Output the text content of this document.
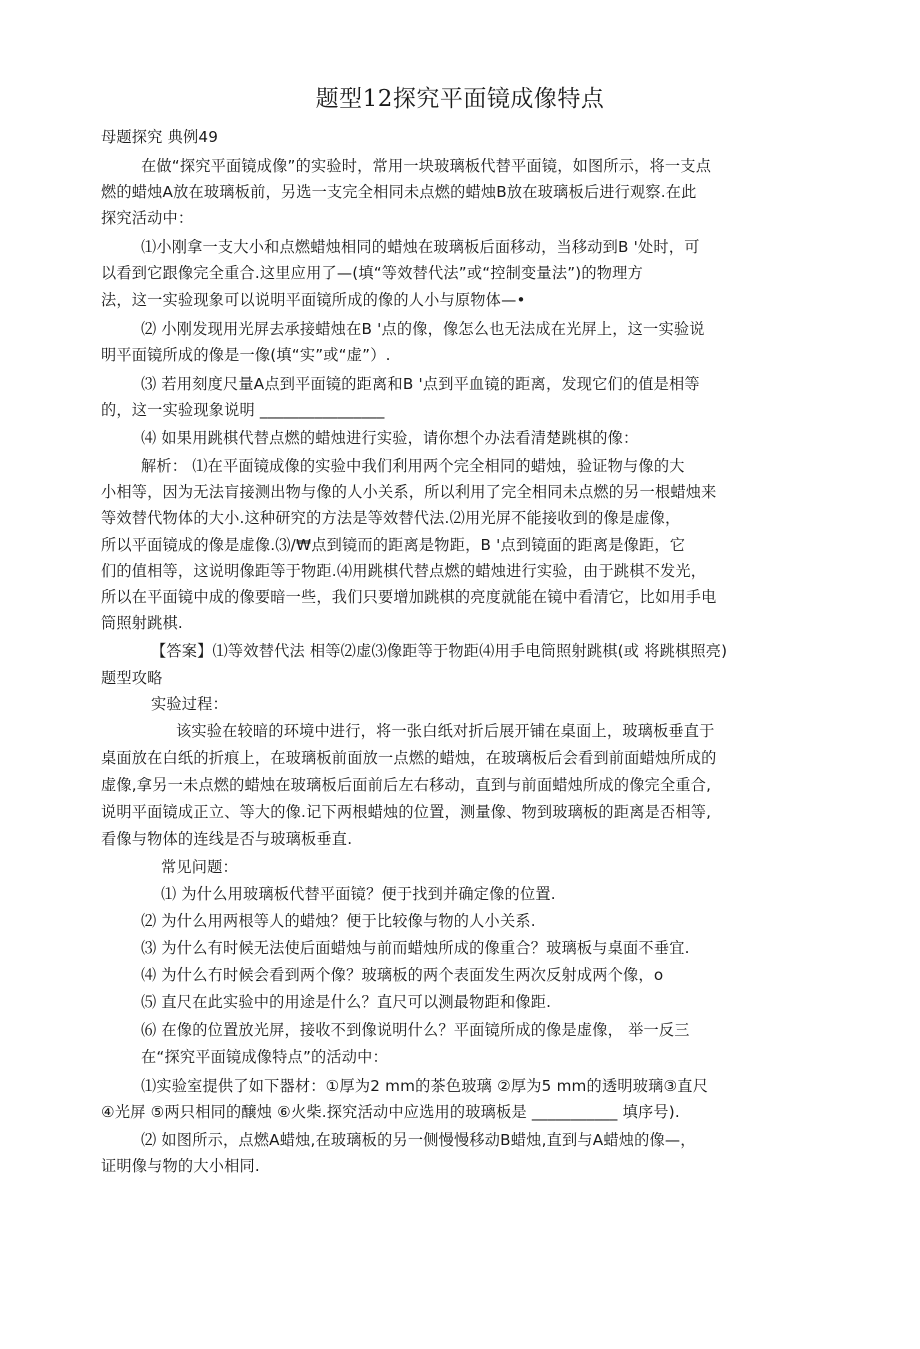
题型12探究平面镜成像特点
母题探究 典例49
在做“探究平面镜成像”的实验时，常用一块玻璃板代替平面镜，如图所示，将一支点
燃的蜡烛A放在玻璃板前，另选一支完全相同未点燃的蜡烛B放在玻璃板后进行观察.在此
探究活动中：
⑴小刚拿一支大小和点燃蜡烛相同的蜡烛在玻璃板后面移动，当移动到B '处时，可
以看到它跟像完全重合.这里应用了—(填“等效替代法”或“控制变量法”)的物理方
法，这一实验现象可以说明平面镜所成的像的人小与原物体—•
⑵ 小刚发现用光屏去承接蜡烛在B '点的像，像怎么也无法成在光屏上，这一实验说
明平面镜所成的像是一像(填“实”或“虚”）.
⑶ 若用刻度尺量A点到平面镜的距离和B '点到平血镜的距离，发现它们的值是相等
的，这一实验现象说明 ________________
⑷ 如果用跳棋代替点燃的蜡烛进行实验，请你想个办法看清楚跳棋的像：
解析： ⑴在平面镜成像的实验中我们利用两个完全相同的蜡烛，验证物与像的大
小相等，因为无法肓接测出物与像的人小关系，所以利用了完全相同未点燃的另一根蜡烛来
等效替代物体的大小.这种研究的方法是等效替代法.⑵用光屏不能接收到的像是虚像，
所以平面镜成的像是虚像.⑶/₩点到镜而的距离是物距，B '点到镜面的距离是像距，它
们的值相等，这说明像距等于物距.⑷用跳棋代替点燃的蜡烛进行实验，由于跳棋不发光，
所以在平面镜中成的像要暗一些，我们只要增加跳棋的亮度就能在镜中看清它，比如用手电
筒照射跳棋.
【答案】⑴等效替代法 相等⑵虚⑶像距等于物距⑷用手电筒照射跳棋(或 将跳棋照亮)
题型攻略
实验过程：
该实验在较暗的环境中进行，将一张白纸对折后展开铺在桌面上，玻璃板垂直于
桌面放在白纸的折痕上，在玻璃板前面放一点燃的蜡烛，在玻璃板后会看到前面蜡烛所成的
虚像,拿另一未点燃的蜡烛在玻璃板后面前后左右移动，直到与前面蜡烛所成的像完全重合,
说明平面镜成正立、等大的像.记下两根蜡烛的位置，测量像、物到玻璃板的距离是否相等,
看像与物体的连线是否与玻璃板垂直.
常见问题：
⑴ 为什么用玻璃板代替平面镜？便于找到并确定像的位置.
⑵ 为什么用两根等人的蜡烛？便于比较像与物的人小关系.
⑶ 为什么有时候无法使后面蜡烛与前而蜡烛所成的像重合？玻璃板与桌面不垂宜.
⑷ 为什么冇时候会看到两个像？玻璃板的两个表面发生两次反射成两个像，o
⑸ 直尺在此实验中的用途是什么？直尺可以测最物距和像距.
⑹ 在像的位置放光屏，接收不到像说明什么？平面镜所成的像是虚像， 举一反三
在“探究平面镜成像特点”的活动中：
⑴实验室提供了如下器材：①厚为2 mm的茶色玻璃 ②厚为5 mm的透明玻璃③直尺
④光屏 ⑤两只相同的醸烛 ⑥火柴.探究活动中应选用的玻璃板是 ___________ 填序号).
⑵ 如图所示，点燃A蜡烛,在玻璃板的另一侧慢慢移动B蜡烛,直到与A蜡烛的像—，
证明像与物的大小相同.
